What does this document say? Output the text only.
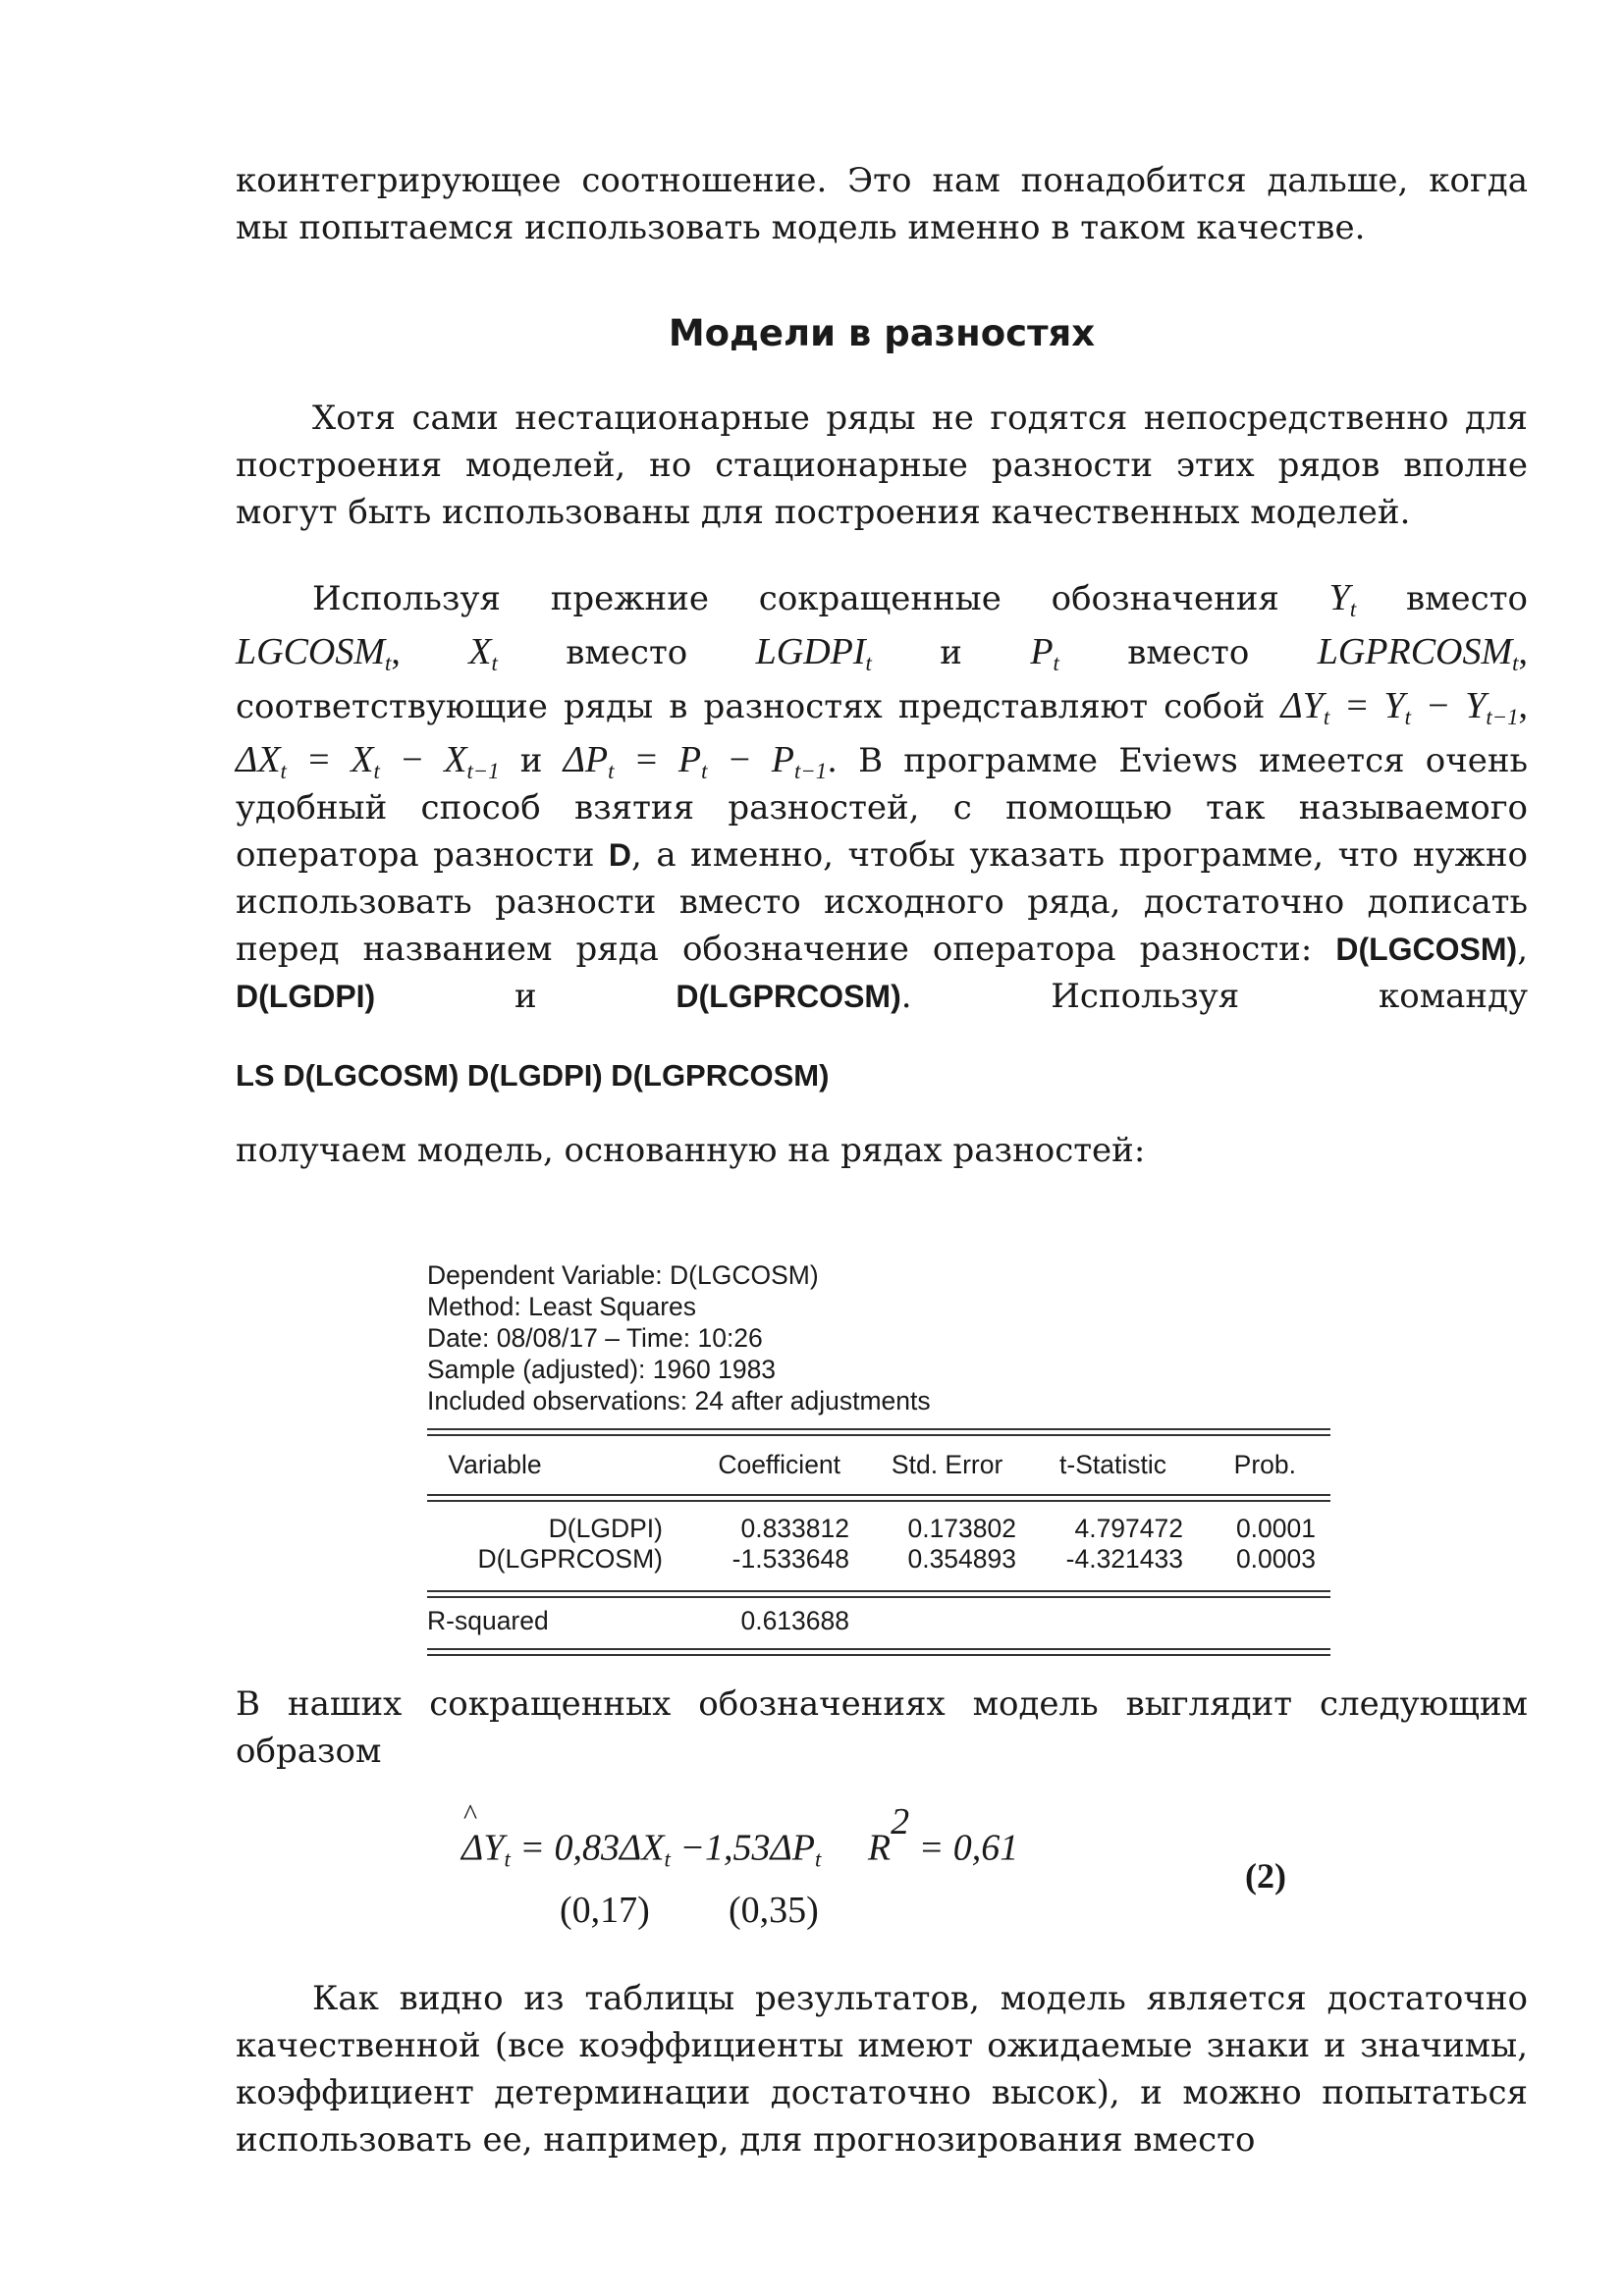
коинтегрирующее соотношение. Это нам понадобится дальше, когда мы попытаемся использовать модель именно в таком качестве.

Модели в разностях

Хотя сами нестационарные ряды не годятся непосредственно для построения моделей, но стационарные разности этих рядов вполне могут быть использованы для построения качественных моделей.

Используя прежние сокращенные обозначения $Y_t$ вместо

$LGCOSM_t$, $X_t$ вместо $LGDPI_t$ и $P_t$ вместо $LGPRCOSM_t$,

соответствующие ряды в разностях представляют собой $\Delta Y_t = Y_t - Y_{t-1}$,

$\Delta X_t = X_t - X_{t-1}$ и $\Delta P_t = P_t - P_{t-1}$. В программе Eviews имеется очень удобный способ взятия разностей, с помощью так называемого оператора разности D, а именно, чтобы указать программе, что нужно использовать разности вместо исходного ряда, достаточно дописать перед названием ряда обозначение оператора разности: D(LGCOSM), D(LGDPI)	и	D(LGPRCOSM). Используя команду

LS D(LGCOSM) D(LGDPI) D(LGPRCOSM)

получаем модель, основанную на рядах разностей:

В наших сокращенных обозначениях модель выглядит следующим образом

Как видно из таблицы результатов, модель является достаточно качественной (все коэффициенты имеют ожидаемые знаки и значимы, коэффициент детерминации достаточно высок), и можно попытаться использовать ее, например, для прогнозирования вместо

Dependent Variable: D(LGCOSM)
Method: Least Squares
Date: 08/08/17 – Time: 10:26
Sample (adjusted): 1960 1983
Included observations: 24 after adjustments

Variable	Coefficient	Std. Error	t-Statistic	Prob.

D(LGDPI)	0.833812	0.173802	4.797472	0.0001
D(LGPRCOSM)	-1.533648	0.354893	-4.321433	0.0003

R-squared	0.613688	

^
$\Delta Y_t = 0,83\Delta X_t -1,53\Delta P_t$     $R^2 = 0,61$
(0,17) (0,35)
(2)
